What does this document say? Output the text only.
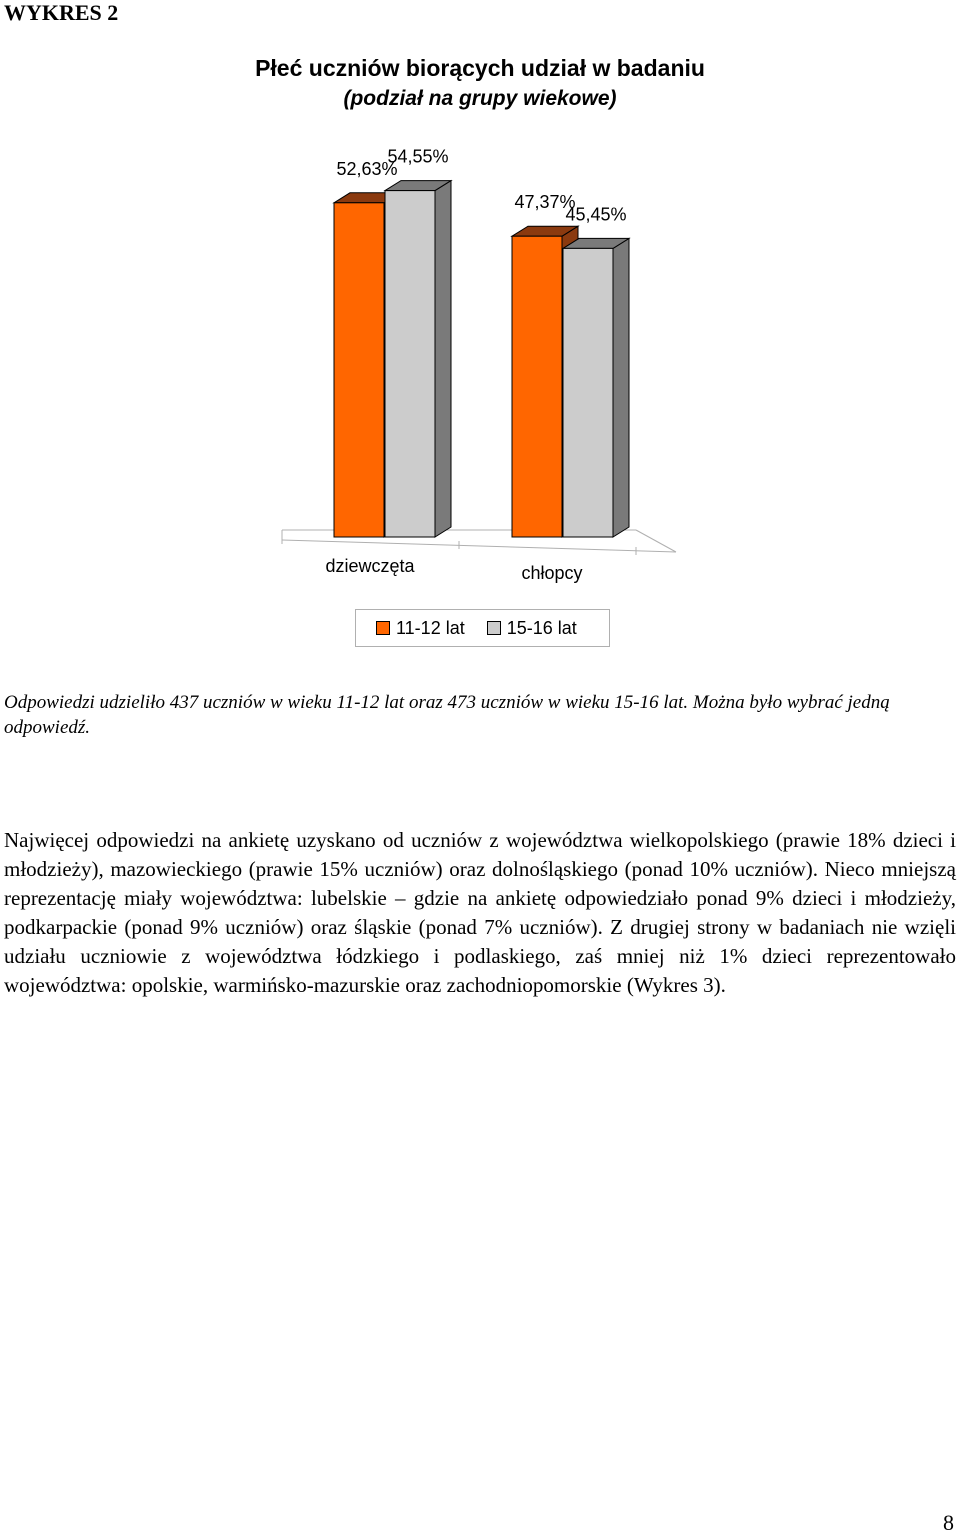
WYKRES 2
Płeć uczniów biorących udział w badaniu
(podział na grupy wiekowe)
52,63%
54,55%
47,37%
45,45%
dziewczęta	chłopcy
11-12 lat 15-16 lat
Odpowiedzi udzieliło 437 uczniów w wieku 11-12 lat oraz 473 uczniów w wieku 15-16 lat. Można było wybrać jedną odpowiedź.
Najwięcej odpowiedzi na ankietę uzyskano od uczniów z województwa wielkopolskiego (prawie 18% dzieci i młodzieży), mazowieckiego (prawie 15% uczniów) oraz dolnośląskiego (ponad 10% uczniów). Nieco mniejszą reprezentację miały województwa: lubelskie – gdzie na ankietę odpowiedziało ponad 9% dzieci i młodzieży, podkarpackie (ponad 9% uczniów) oraz śląskie (ponad 7% uczniów). Z drugiej strony w badaniach nie wzięli udziału uczniowie z województwa łódzkiego i podlaskiego, zaś mniej niż 1% dzieci reprezentowało województwa: opolskie, warmińsko-mazurskie oraz zachodniopomorskie (Wykres 3).
8
